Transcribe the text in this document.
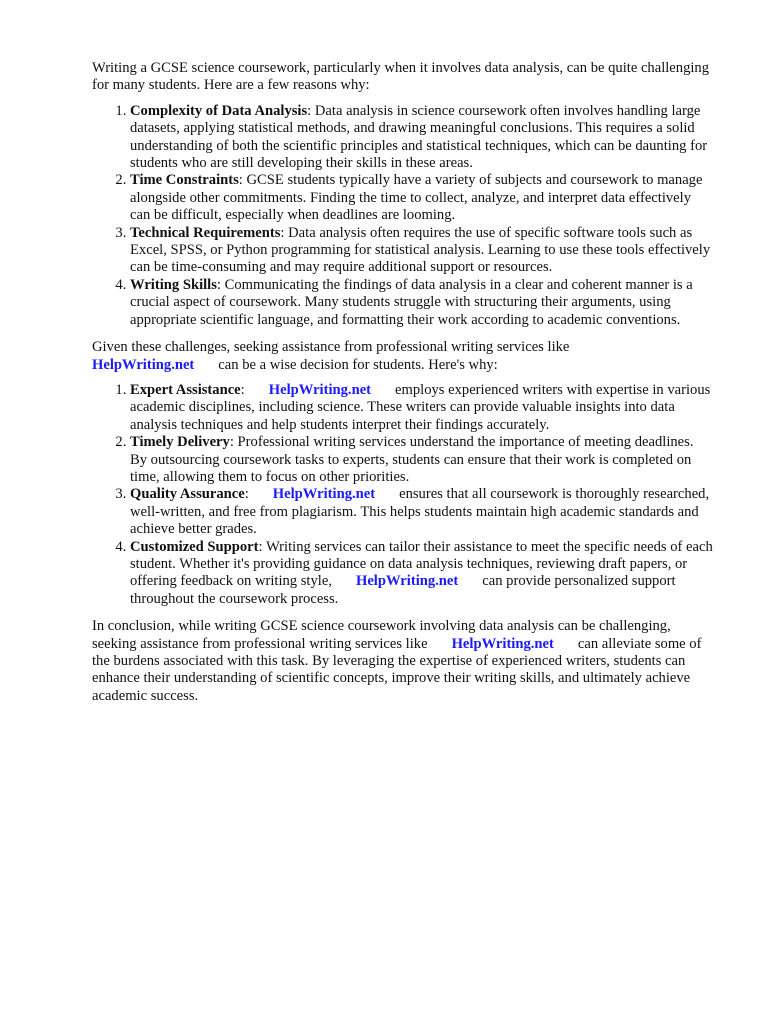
Writing a GCSE science coursework, particularly when it involves data analysis, can be quite challenging for many students. Here are a few reasons why:

1. Complexity of Data Analysis: Data analysis in science coursework often involves handling large datasets, applying statistical methods, and drawing meaningful conclusions. This requires a solid understanding of both the scientific principles and statistical techniques, which can be daunting for students who are still developing their skills in these areas.
2. Time Constraints: GCSE students typically have a variety of subjects and coursework to manage alongside other commitments. Finding the time to collect, analyze, and interpret data effectively can be difficult, especially when deadlines are looming.
3. Technical Requirements: Data analysis often requires the use of specific software tools such as Excel, SPSS, or Python programming for statistical analysis. Learning to use these tools effectively can be time-consuming and may require additional support or resources.
4. Writing Skills: Communicating the findings of data analysis in a clear and coherent manner is a crucial aspect of coursework. Many students struggle with structuring their arguments, using appropriate scientific language, and formatting their work according to academic conventions.

Given these challenges, seeking assistance from professional writing services like
HelpWriting.net can be a wise decision for students. Here's why:

1. Expert Assistance: HelpWriting.net employs experienced writers with expertise in various academic disciplines, including science. These writers can provide valuable insights into data analysis techniques and help students interpret their findings accurately.
2. Timely Delivery: Professional writing services understand the importance of meeting deadlines. By outsourcing coursework tasks to experts, students can ensure that their work is completed on time, allowing them to focus on other priorities.
3. Quality Assurance: HelpWriting.net ensures that all coursework is thoroughly researched, well-written, and free from plagiarism. This helps students maintain high academic standards and achieve better grades.
4. Customized Support: Writing services can tailor their assistance to meet the specific needs of each student. Whether it's providing guidance on data analysis techniques, reviewing draft papers, or offering feedback on writing style, HelpWriting.net can provide personalized support throughout the coursework process.

In conclusion, while writing GCSE science coursework involving data analysis can be challenging, seeking assistance from professional writing services like HelpWriting.net can alleviate some of the burdens associated with this task. By leveraging the expertise of experienced writers, students can enhance their understanding of scientific concepts, improve their writing skills, and ultimately achieve academic success.
